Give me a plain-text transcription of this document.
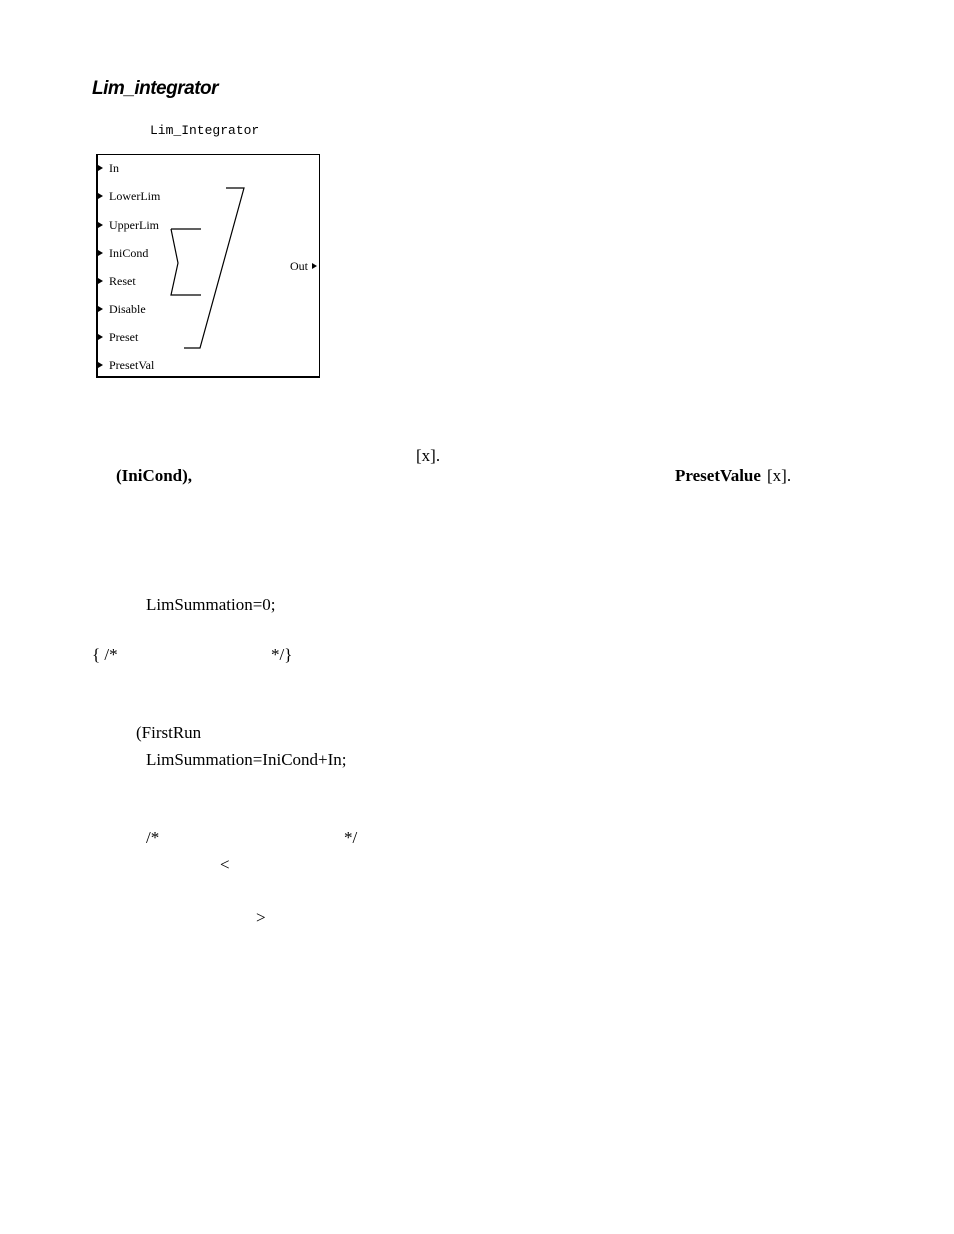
Lim_integrator
Lim_Integrator
In
LowerLim
UpperLim
IniCond
Reset
Disable
Preset
PresetVal
Out
[x].
(IniCond),	PresetValue [x].
LimSummation=0;
{ /*	*/}
(FirstRun
LimSummation=IniCond+In;
/*	*/
<
>
